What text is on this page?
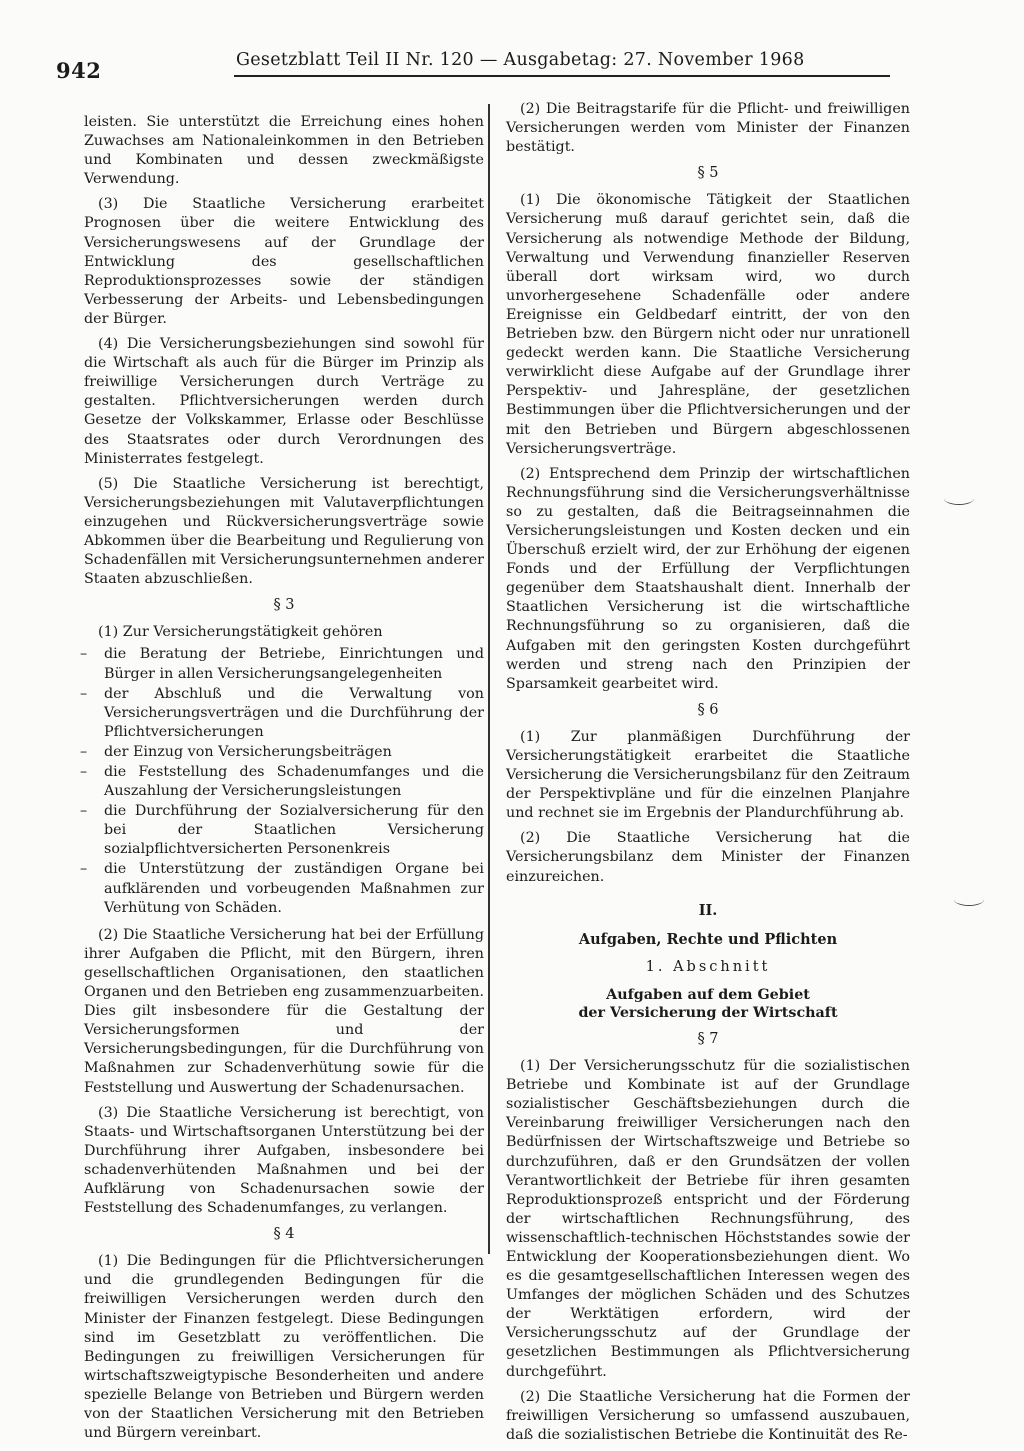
942	Gesetzblatt Teil II Nr. 120 — Ausgabetag: 27. November 1968

leisten. Sie unterstützt die Erreichung eines hohen Zuwachses am Nationaleinkommen in den Betrieben und Kombinaten und dessen zweckmäßigste Verwendung.

(3) Die Staatliche Versicherung erarbeitet Prognosen über die weitere Entwicklung des Versicherungswesens auf der Grundlage der Entwicklung des gesellschaftlichen Reproduktionsprozesses sowie der ständigen Verbesserung der Arbeits- und Lebensbedingungen der Bürger.

(4) Die Versicherungsbeziehungen sind sowohl für die Wirtschaft als auch für die Bürger im Prinzip als freiwillige Versicherungen durch Verträge zu gestalten. Pflichtversicherungen werden durch Gesetze der Volkskammer, Erlasse oder Beschlüsse des Staatsrates oder durch Verordnungen des Ministerrates festgelegt.

(5) Die Staatliche Versicherung ist berechtigt, Versicherungsbeziehungen mit Valutaverpflichtungen einzugehen und Rückversicherungsverträge sowie Abkommen über die Bearbeitung und Regulierung von Schadenfällen mit Versicherungsunternehmen anderer Staaten abzuschließen.

§ 3
(1) Zur Versicherungstätigkeit gehören
– die Beratung der Betriebe, Einrichtungen und Bürger in allen Versicherungsangelegenheiten
– der Abschluß und die Verwaltung von Versicherungsverträgen und die Durchführung der Pflichtversicherungen
– der Einzug von Versicherungsbeiträgen
– die Feststellung des Schadenumfanges und die Auszahlung der Versicherungsleistungen
– die Durchführung der Sozialversicherung für den bei der Staatlichen Versicherung sozialpflichtversicherten Personenkreis
– die Unterstützung der zuständigen Organe bei aufklärenden und vorbeugenden Maßnahmen zur Verhütung von Schäden.

(2) Die Staatliche Versicherung hat bei der Erfüllung ihrer Aufgaben die Pflicht, mit den Bürgern, ihren gesellschaftlichen Organisationen, den staatlichen Organen und den Betrieben eng zusammenzuarbeiten. Dies gilt insbesondere für die Gestaltung der Versicherungsformen und der Versicherungsbedingungen, für die Durchführung von Maßnahmen zur Schadenverhütung sowie für die Feststellung und Auswertung der Schadenursachen.

(3) Die Staatliche Versicherung ist berechtigt, von Staats- und Wirtschaftsorganen Unterstützung bei der Durchführung ihrer Aufgaben, insbesondere bei schadenverhütenden Maßnahmen und bei der Aufklärung von Schadenursachen sowie der Feststellung des Schadenumfanges, zu verlangen.

§ 4

(1) Die Bedingungen für die Pflichtversicherungen und die grundlegenden Bedingungen für die freiwilligen Versicherungen werden durch den Minister der Finanzen festgelegt. Diese Bedingungen sind im Gesetzblatt zu veröffentlichen. Die Bedingungen zu freiwilligen Versicherungen für wirtschaftszweigtypische Besonderheiten und andere spezielle Belange von Betrieben und Bürgern werden von der Staatlichen Versicherung mit den Betrieben und Bürgern vereinbart.

(2) Die Beitragstarife für die Pflicht- und freiwilligen Versicherungen werden vom Minister der Finanzen bestätigt.

§ 5

(1) Die ökonomische Tätigkeit der Staatlichen Versicherung muß darauf gerichtet sein, daß die Versicherung als notwendige Methode der Bildung, Verwaltung und Verwendung finanzieller Reserven überall dort wirksam wird, wo durch unvorhergesehene Schadenfälle oder andere Ereignisse ein Geldbedarf eintritt, der von den Betrieben bzw. den Bürgern nicht oder nur unrationell gedeckt werden kann. Die Staatliche Versicherung verwirklicht diese Aufgabe auf der Grundlage ihrer Perspektiv- und Jahrespläne, der gesetzlichen Bestimmungen über die Pflichtversicherungen und der mit den Betrieben und Bürgern abgeschlossenen Versicherungsverträge.

(2) Entsprechend dem Prinzip der wirtschaftlichen Rechnungsführung sind die Versicherungsverhältnisse so zu gestalten, daß die Beitragseinnahmen die Versicherungsleistungen und Kosten decken und ein Überschuß erzielt wird, der zur Erhöhung der eigenen Fonds und der Erfüllung der Verpflichtungen gegenüber dem Staatshaushalt dient. Innerhalb der Staatlichen Versicherung ist die wirtschaftliche Rechnungsführung so zu organisieren, daß die Aufgaben mit den geringsten Kosten durchgeführt werden und streng nach den Prinzipien der Sparsamkeit gearbeitet wird.

§ 6

(1) Zur planmäßigen Durchführung der Versicherungstätigkeit erarbeitet die Staatliche Versicherung die Versicherungsbilanz für den Zeitraum der Perspektivpläne und für die einzelnen Planjahre und rechnet sie im Ergebnis der Plandurchführung ab.

(2) Die Staatliche Versicherung hat die Versicherungsbilanz dem Minister der Finanzen einzureichen.

II.
Aufgaben, Rechte und Pflichten
1. Abschnitt
Aufgaben auf dem Gebiet
der Versicherung der Wirtschaft
§ 7

(1) Der Versicherungsschutz für die sozialistischen Betriebe und Kombinate ist auf der Grundlage sozialistischer Geschäftsbeziehungen durch die Vereinbarung freiwilliger Versicherungen nach den Bedürfnissen der Wirtschaftszweige und Betriebe so durchzuführen, daß er den Grundsätzen der vollen Verantwortlichkeit der Betriebe für ihren gesamten Reproduktionsprozeß entspricht und der Förderung der wirtschaftlichen Rechnungsführung, des wissenschaftlich-technischen Höchststandes sowie der Entwicklung der Kooperationsbeziehungen dient. Wo es die gesamtgesellschaftlichen Interessen wegen des Umfanges der möglichen Schäden und des Schutzes der Werktätigen erfordern, wird der Versicherungsschutz auf der Grundlage der gesetzlichen Bestimmungen als Pflichtversicherung durchgeführt.

(2) Die Staatliche Versicherung hat die Formen der freiwilligen Versicherung so umfassend auszubauen, daß die sozialistischen Betriebe die Kontinuität des Re-
